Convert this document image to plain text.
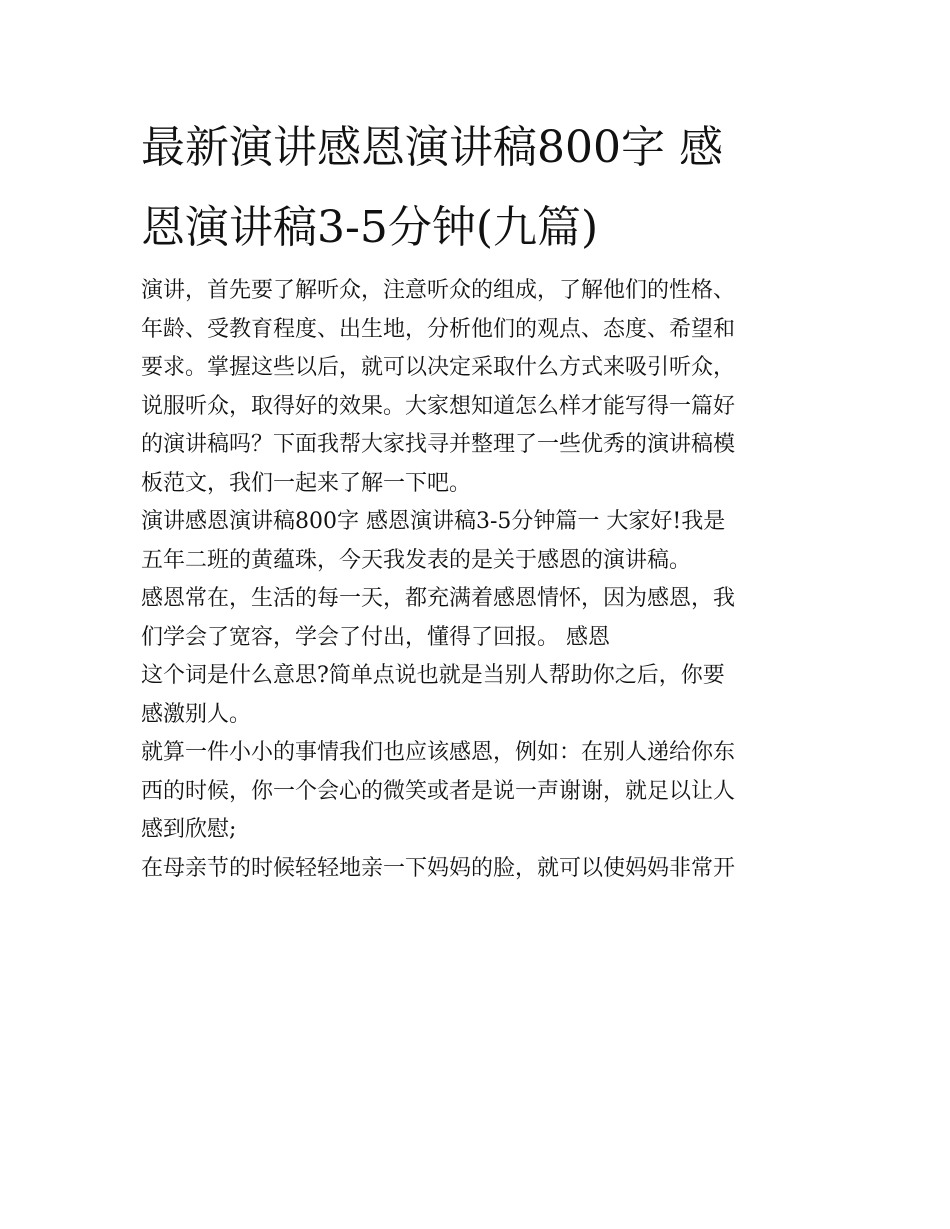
最新演讲感恩演讲稿800字 感
恩演讲稿3-5分钟(九篇)

演讲，首先要了解听众，注意听众的组成，了解他们的性格、
年龄、受教育程度、出生地，分析他们的观点、态度、希望和
要求。掌握这些以后，就可以决定采取什么方式来吸引听众，
说服听众，取得好的效果。大家想知道怎么样才能写得一篇好
的演讲稿吗？下面我帮大家找寻并整理了一些优秀的演讲稿模
板范文，我们一起来了解一下吧。

演讲感恩演讲稿800字 感恩演讲稿3-5分钟篇一 大家好!我是
五年二班的黄蕴珠，今天我发表的是关于感恩的演讲稿。

感恩常在，生活的每一天，都充满着感恩情怀，因为感恩，我
们学会了宽容，学会了付出，懂得了回报。 感恩

这个词是什么意思?简单点说也就是当别人帮助你之后，你要
感激别人。

就算一件小小的事情我们也应该感恩，例如：在别人递给你东
西的时候，你一个会心的微笑或者是说一声谢谢，就足以让人
感到欣慰;

在母亲节的时候轻轻地亲一下妈妈的脸，就可以使妈妈非常开
